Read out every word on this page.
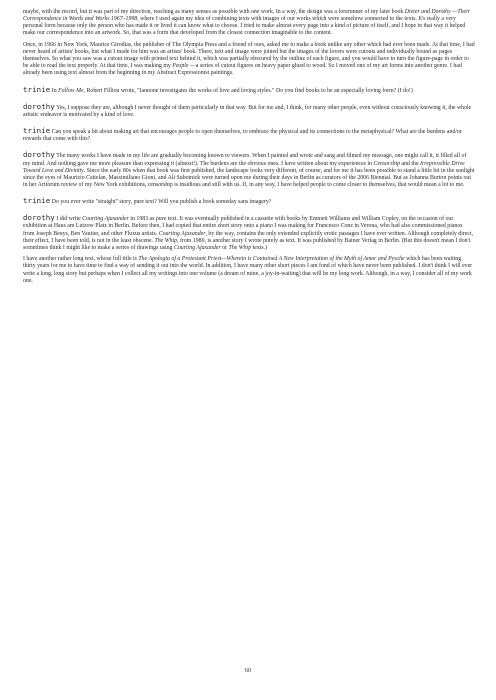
maybe, with the record, but it was part of my direction, reaching as many senses as possible with one work. In a way, the design was a forerunner of my later book Dieter and Dorothy —Their Correspondence in Words and Works 1967–1998, where I used again my idea of combining texts with images of our works which were somehow connected to the texts. It's really a very personal form because only the person who has made it or lived it can know what to choose. I tried to make almost every page into a kind of picture of itself, and I hope in that way it helped make our correspondence into an artwork. So, that was a form that developed from the closest connection imaginable to the content.

Once, in 1966 in New York, Maurice Girodias, the publisher of The Olympia Press and a friend of ours, asked me to make a book unlike any other which had ever been made. At that time, I had never heard of artists' books, but what I made for him was an artists' book. There, text and image were joined but the images of the lovers were cutouts and individually bound as pages themselves. So what you saw was a cutout image with printed text behind it, which was partially obscured by the outline of each figure, and you would have to turn the figure-page in order to be able to read the text properly. At that time, I was making my People —a series of cutout figures on heavy paper glued to wood. So I moved one of my art forms into another genre. I had already been using text almost from the beginning in my Abstract Expressionist paintings.

trinie In Follow Me, Robert Filliou wrote, "Iannone investigates the works of love and loving styles." Do you find books to be an especially loving form? (I do!)

dorothy Yes, I suppose they are, although I never thought of them particularly in that way. But for me and, I think, for many other people, even without consciously knowing it, the whole artistic endeavor is motivated by a kind of love.

trinie Can you speak a bit about making art that encourages people to open themselves, to embrace the physical and its connections to the metaphysical? What are the burdens and/or rewards that come with this?

dorothy The many works I have made in my life are gradually becoming known to viewers. When I painted and wrote and sang and filmed my message, one might call it, it filled all of my mind. And nothing gave me more pleasure than expressing it (almost!). The burdens are the obvious ones. I have written about my experiences in Censorship and the Irrepressible Drive Toward Love and Divinity. Since the early 80s when that book was first published, the landscape looks very different, of course, and for me it has been possible to stand a little bit in the sunlight since the eyes of Maurizio Cattelan, Massimiliano Gioni, and Ali Subotnick were turned upon me during their days in Berlin as curators of the 2006 Biennial. But as Johanna Burton points out in her Artforum review of my New York exhibitions, censorship is insidious and still with us. If, in any way, I have helped people to come closer to themselves, that would mean a lot to me.

trinie Do you ever write "straight" story, pure text? Will you publish a book someday sans imagery?

dorothy I did write Courting Ajaxander in 1983 as pure text. It was eventually published in a cassette with books by Emmett Williams and William Copley, on the occasion of our exhibition at Haus am Lutzow Platz in Berlin. Before then, I had copied that entire short story onto a piano I was making for Francesco Conz in Verona, who had also commissioned pianos from Joseph Beuys, Ben Vautier, and other Fluxus artists. Courting Ajaxander, by the way, contains the only extended explicitly erotic passages I have ever written. Although completely direct, their effect, I have been told, is not in the least obscene. The Whip, from 1980, is another story I wrote purely as text. It was published by Bainer Verlag in Berlin. (But this doesn't mean I don't sometimes think I might like to make a series of drawings using Courting Ajaxander or The Whip texts.)

I have another rather long text, whose full title is The Apologia of a Protestant Priest—Wherein is Contained A New Interpretation of the Myth of Amor and Pysche which has been waiting thirty years for me to have time to find a way of sending it out into the world. In addition, I have many other short pieces I am fond of which have never been published. I don't think I will ever write a long, long story but perhaps when I collect all my writings into one volume (a dream of mine, a joy-in-waiting) that will be my long work. Although, in a way, I consider all of my work one.

60
